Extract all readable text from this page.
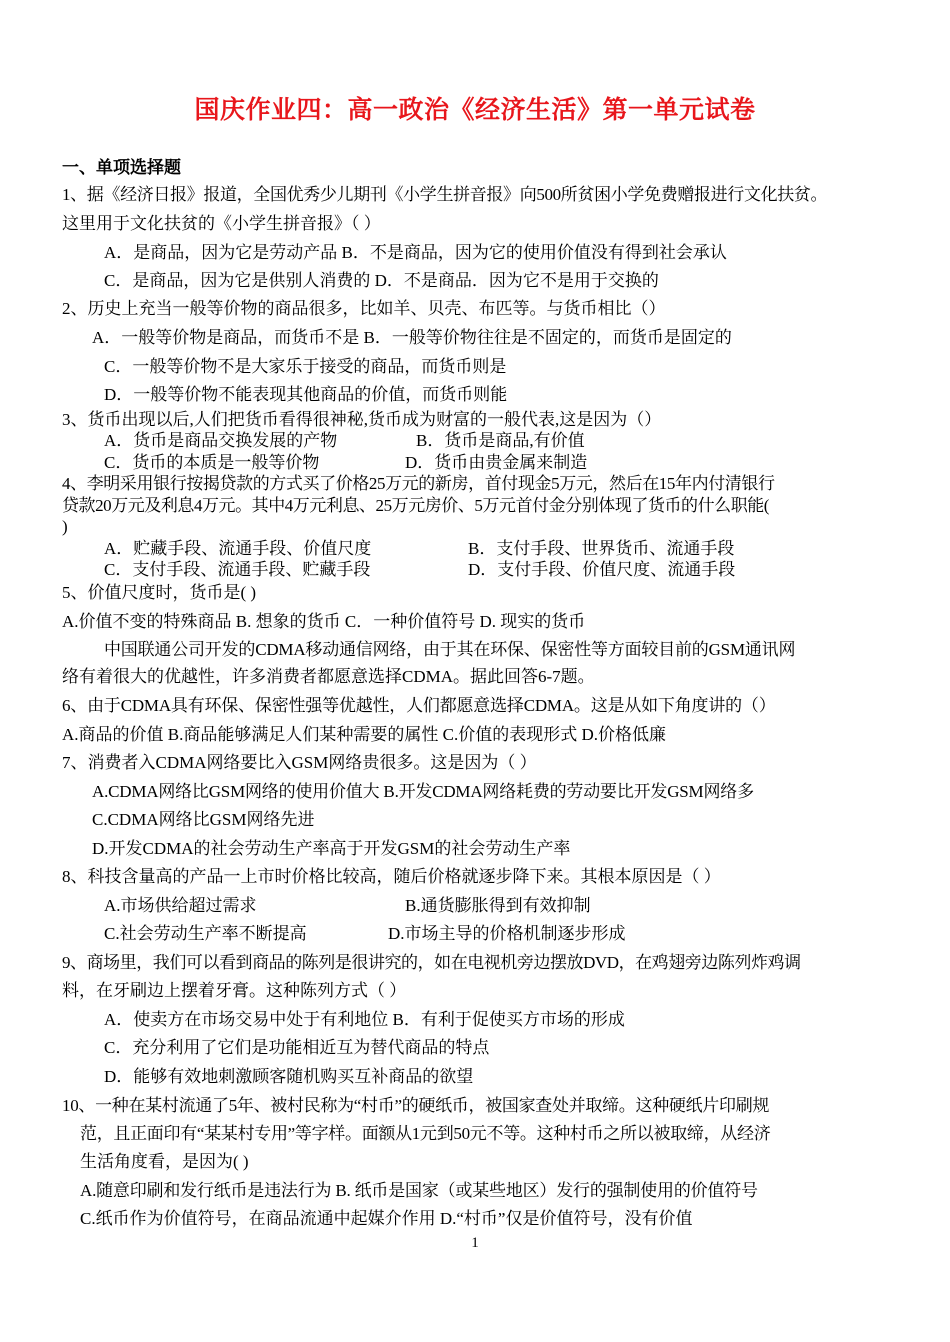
国庆作业四：高一政治《经济生活》第一单元试卷
一、单项选择题
1、据《经济日报》报道，全国优秀少儿期刊《小学生拼音报》向500所贫困小学免费赠报进行文化扶贫。
这里用于文化扶贫的《小学生拼音报》（ ）
A．是商品，因为它是劳动产品 B．不是商品，因为它的使用价值没有得到社会承认
C．是商品，因为它是供别人消费的 D．不是商品．因为它不是用于交换的
2、历史上充当一般等价物的商品很多，比如羊、贝壳、布匹等。与货币相比（）
A．一般等价物是商品，而货币不是 B．一般等价物往往是不固定的，而货币是固定的
C．一般等价物不是大家乐于接受的商品，而货币则是
D．一般等价物不能表现其他商品的价值，而货币则能
3、货币出现以后,人们把货币看得很神秘,货币成为财富的一般代表,这是因为（）
A．货币是商品交换发展的产物	B．货币是商品,有价值
C．货币的本质是一般等价物	D．货币由贵金属来制造
4、李明采用银行按揭贷款的方式买了价格25万元的新房，首付现金5万元，然后在15年内付清银行
贷款20万元及利息4万元。其中4万元利息、25万元房价、5万元首付金分别体现了货币的什么职能(
)
A．贮藏手段、流通手段、价值尺度	B．支付手段、世界货币、流通手段
C．支付手段、流通手段、贮藏手段	D．支付手段、价值尺度、流通手段
5、价值尺度时，货币是( )
A.价值不变的特殊商品 B. 想象的货币 C．一种价值符号 D. 现实的货币
中国联通公司开发的CDMA移动通信网络，由于其在环保、保密性等方面较目前的GSM通讯网
络有着很大的优越性，许多消费者都愿意选择CDMA。据此回答6-7题。
6、由于CDMA具有环保、保密性强等优越性，人们都愿意选择CDMA。这是从如下角度讲的（）
A.商品的价值 B.商品能够满足人们某种需要的属性 C.价值的表现形式 D.价格低廉
7、消费者入CDMA网络要比入GSM网络贵很多。这是因为（ ）
A.CDMA网络比GSM网络的使用价值大 B.开发CDMA网络耗费的劳动要比开发GSM网络多
C.CDMA网络比GSM网络先进
D.开发CDMA的社会劳动生产率高于开发GSM的社会劳动生产率
8、科技含量高的产品一上市时价格比较高，随后价格就逐步降下来。其根本原因是（ ）
A.市场供给超过需求	B.通货膨胀得到有效抑制
C.社会劳动生产率不断提高	D.市场主导的价格机制逐步形成
9、商场里，我们可以看到商品的陈列是很讲究的，如在电视机旁边摆放DVD，在鸡翅旁边陈列炸鸡调
料，在牙刷边上摆着牙膏。这种陈列方式（ ）
A．使卖方在市场交易中处于有利地位 B．有利于促使买方市场的形成
C．充分利用了它们是功能相近互为替代商品的特点
D．能够有效地刺激顾客随机购买互补商品的欲望
10、一种在某村流通了5年、被村民称为“村币”的硬纸币，被国家查处并取缔。这种硬纸片印刷规
范，且正面印有“某某村专用”等字样。面额从1元到50元不等。这种村币之所以被取缔，从经济
生活角度看，是因为( )
A.随意印刷和发行纸币是违法行为 B. 纸币是国家（或某些地区）发行的强制使用的价值符号
C.纸币作为价值符号，在商品流通中起媒介作用 D.“村币”仅是价值符号，没有价值
1
